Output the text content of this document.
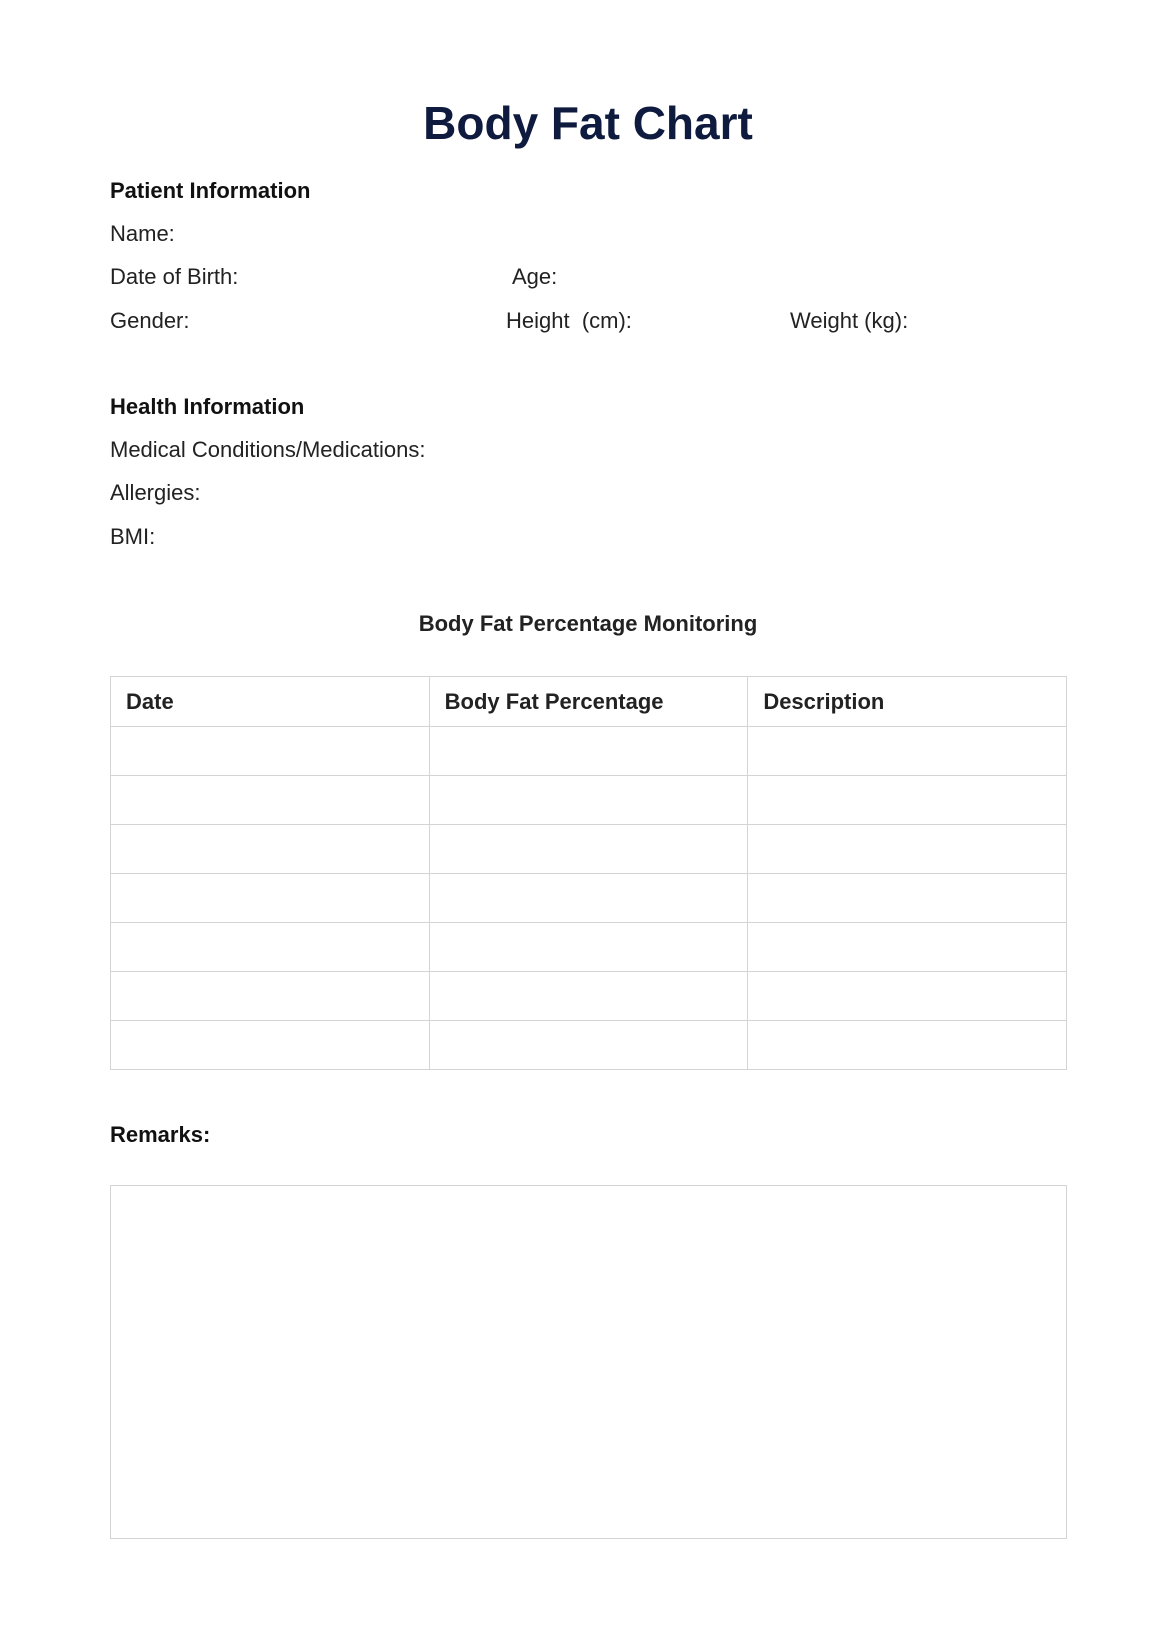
Body Fat Chart
Patient Information
Name:
Date of Birth:	Age:
Gender:	Height  (cm):	Weight (kg):
Health Information
Medical Conditions/Medications:
Allergies:
BMI:
Body Fat Percentage Monitoring
Date	Body Fat Percentage	Description

Remarks:
